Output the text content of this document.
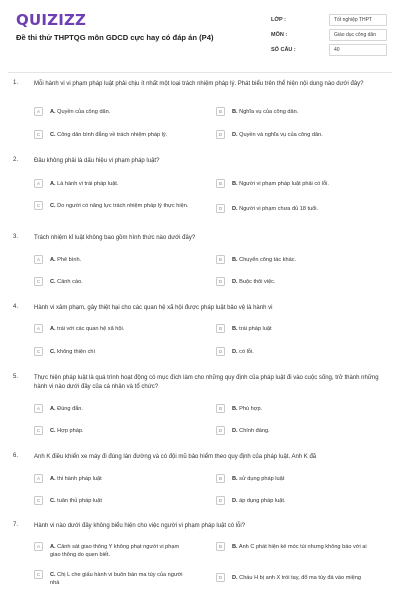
QUIZIZZ
Đề thi thử THPTQG môn GDCD cực hay có đáp án (P4)
LỚP :	Tốt nghiệp THPT
MÔN :	Giáo dục công dân
SỐ CÂU :	40
1.	Mỗi hành vi vi phạm pháp luật phải chịu ít nhất một loại trách nhiệm pháp lý. Phát biểu trên thể hiện nội dung nào dưới đây?
A	A. Quyền của công dân.	B	B. Nghĩa vụ của công dân.
C	C. Công dân bình đẳng về trách nhiệm pháp lý.	D	D. Quyền và nghĩa vụ của công dân.
2.	Đâu không phải là dấu hiệu vi phạm pháp luật?
A	A. Là hành vi trái pháp luật.	B	B. Người vi phạm pháp luật phải có lỗi.
C	C. Do người có năng lực trách nhiệm pháp lý thực hiện.	D	D. Người vi phạm chưa đủ 18 tuổi.
3.	Trách nhiệm kỉ luật không bao gồm hình thức nào dưới đây?
A	A. Phê bình.	B	B. Chuyển công tác khác.
C	C. Cảnh cáo.	D	D. Buộc thôi việc.
4.	Hành vi xâm phạm, gây thiệt hại cho các quan hệ xã hội được pháp luật bảo vệ là hành vi
A	A. trái với các quan hệ xã hội.	B	B. trái pháp luật
C	C. không thiện chí	D	D. có lỗi.
5.	Thực hiện pháp luật là quá trình hoạt động có mục đích làm cho những quy định của pháp luật đi vào cuộc sống, trở thành những hành vi nào dưới đây của cá nhân và tổ chức?
A	A. Đúng đắn.	B	B. Phù hợp.
C	C. Hợp pháp.	D	D. Chính đáng.
6.	Anh K điều khiển xe máy đi đúng làn đường và có đội mũ bảo hiểm theo quy định của pháp luật. Anh K đã
A	A. thi hành pháp luật	B	B. sử dụng pháp luật
C	C. tuân thủ pháp luật	D	D. áp dụng pháp luật.
7.	Hành vi nào dưới đây không biểu hiện cho việc người vi phạm pháp luật có lỗi?
A	A. Cảnh sát giao thông Y không phạt người vi phạm giao thông do quen biết.
B	B. Anh C phát hiện kẻ móc túi nhưng không báo với ai
C	C. Chị L che giấu hành vi buôn bán ma túy của người nhà
D	D. Cháu H bị anh X trói tay, đổ ma túy đá vào miệng
